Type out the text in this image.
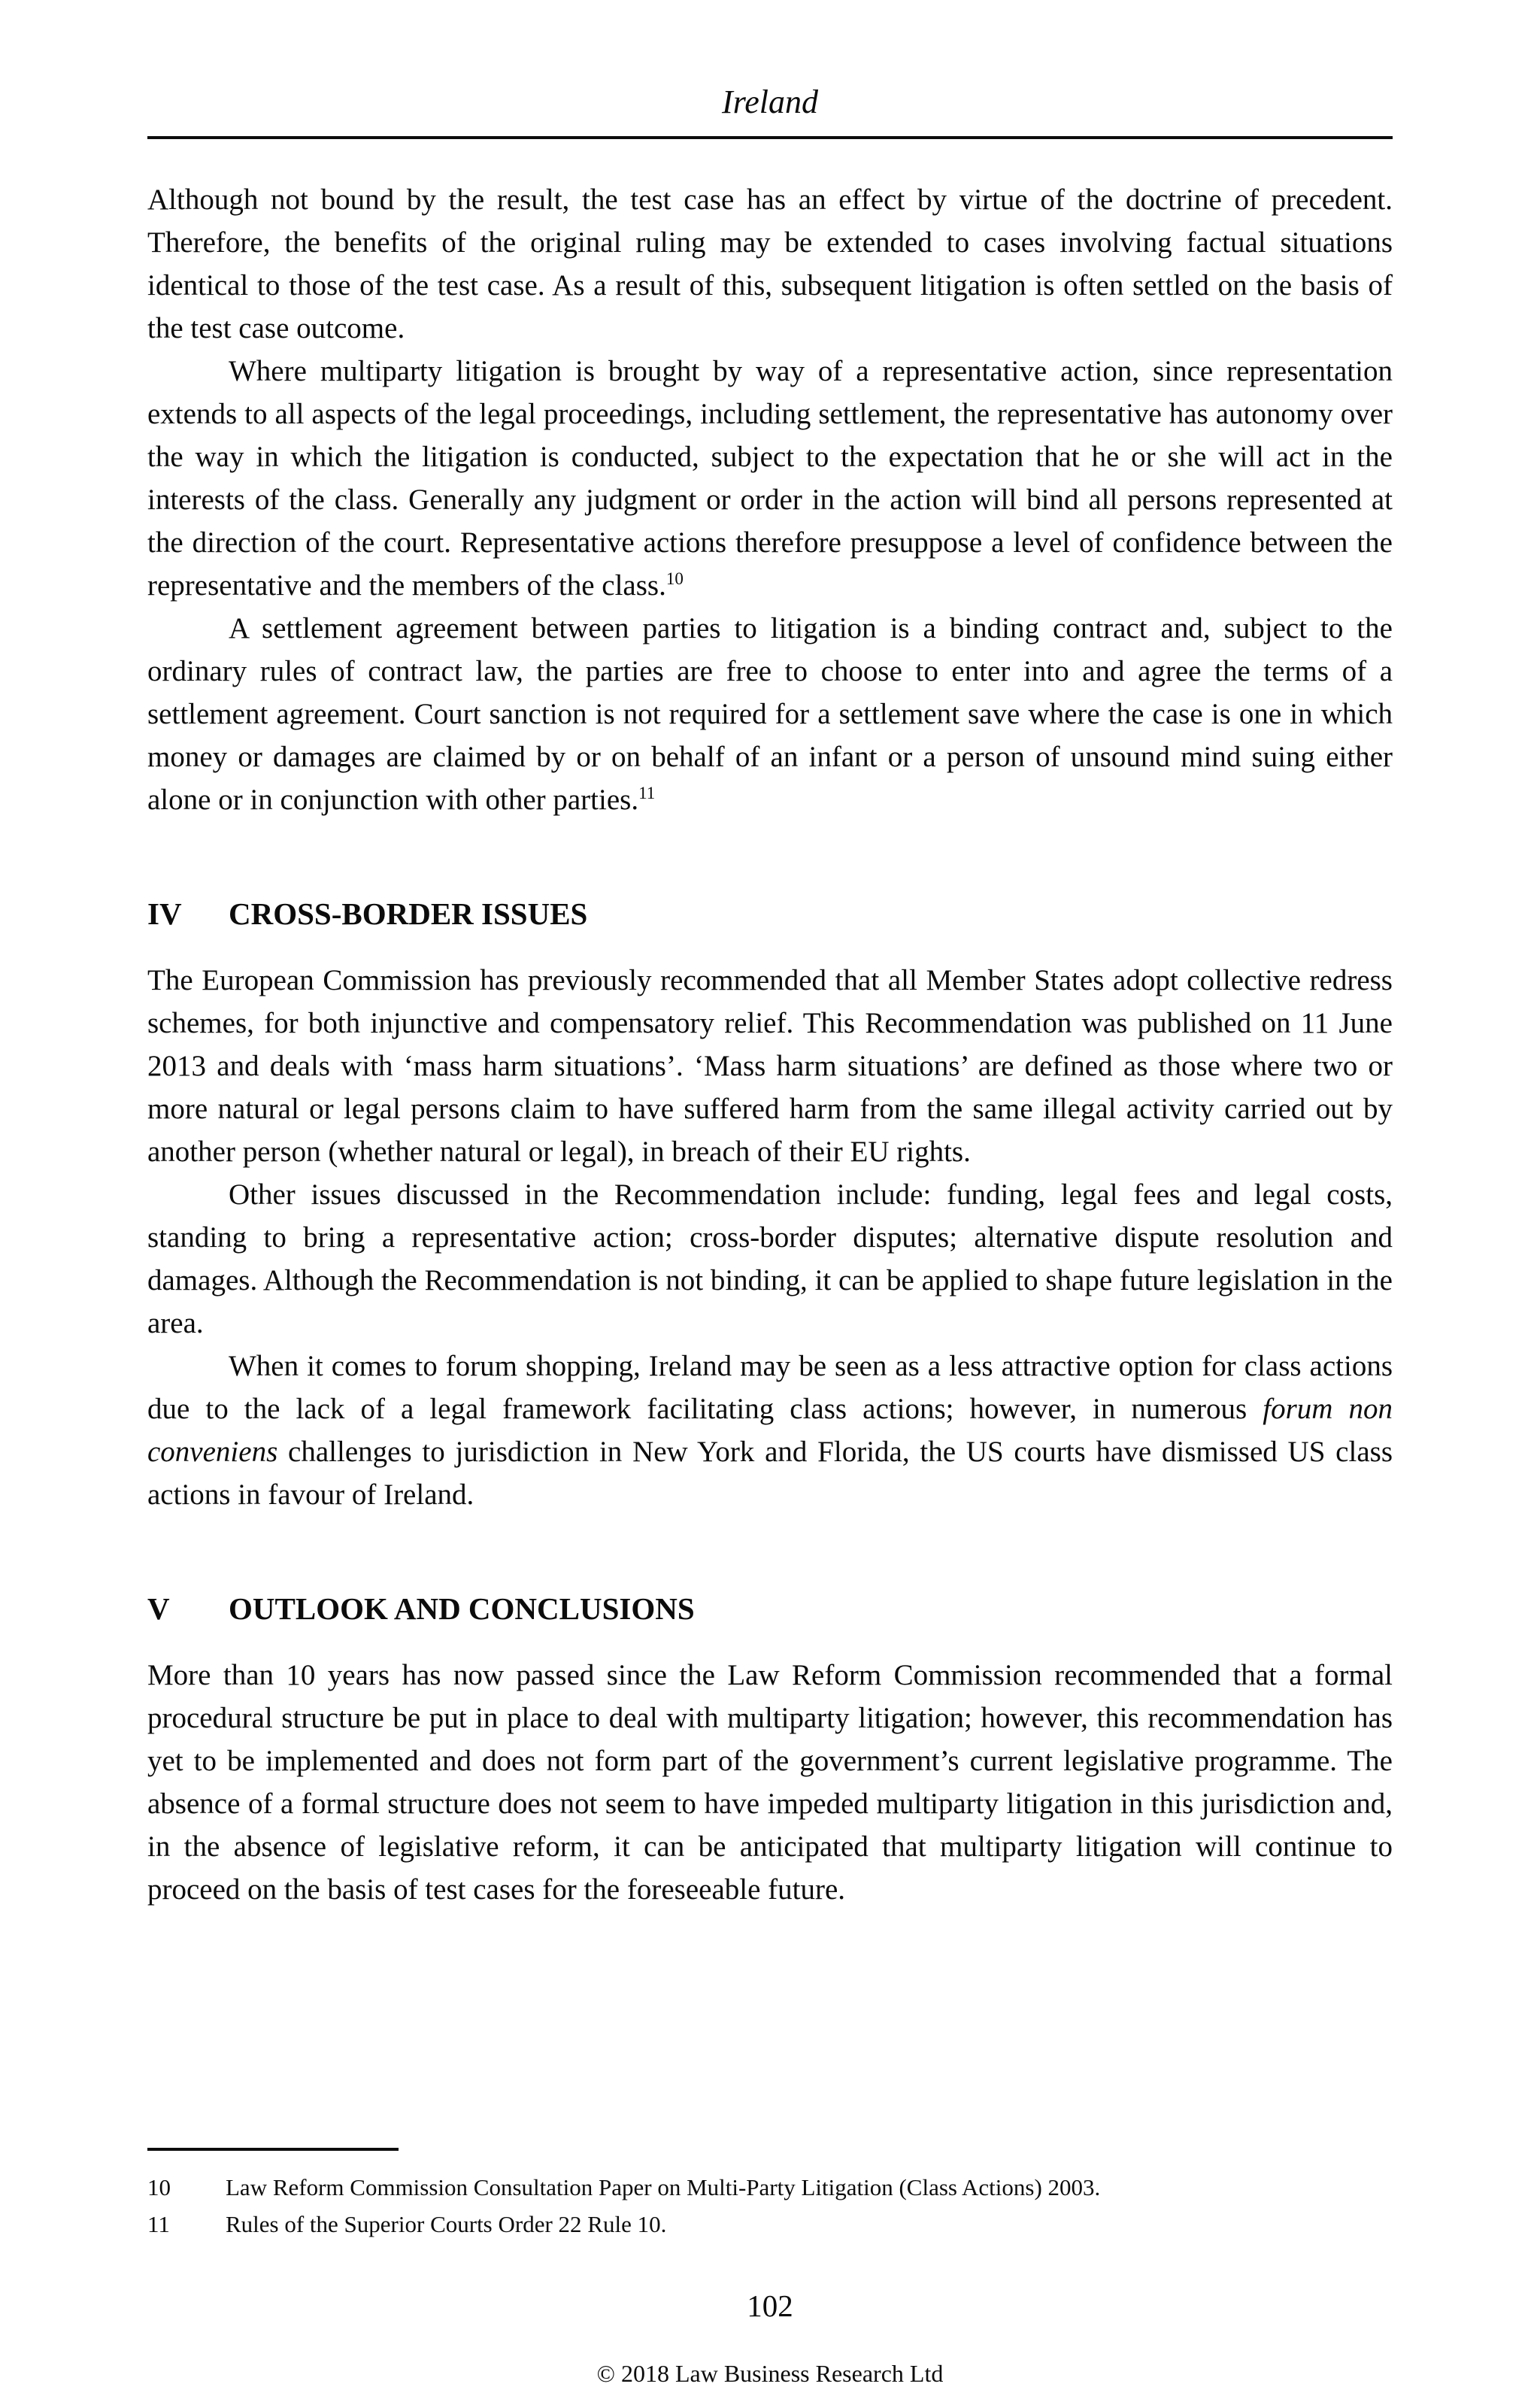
Ireland

Although not bound by the result, the test case has an effect by virtue of the doctrine of precedent. Therefore, the benefits of the original ruling may be extended to cases involving factual situations identical to those of the test case. As a result of this, subsequent litigation is often settled on the basis of the test case outcome.

Where multiparty litigation is brought by way of a representative action, since representation extends to all aspects of the legal proceedings, including settlement, the representative has autonomy over the way in which the litigation is conducted, subject to the expectation that he or she will act in the interests of the class. Generally any judgment or order in the action will bind all persons represented at the direction of the court. Representative actions therefore presuppose a level of confidence between the representative and the members of the class.$^{10}$

A settlement agreement between parties to litigation is a binding contract and, subject to the ordinary rules of contract law, the parties are free to choose to enter into and agree the terms of a settlement agreement. Court sanction is not required for a settlement save where the case is one in which money or damages are claimed by or on behalf of an infant or a person of unsound mind suing either alone or in conjunction with other parties.$^{11}$

IV CROSS-BORDER ISSUES

The European Commission has previously recommended that all Member States adopt collective redress schemes, for both injunctive and compensatory relief. This Recommendation was published on 11 June 2013 and deals with ‘mass harm situations’. ‘Mass harm situations’ are defined as those where two or more natural or legal persons claim to have suffered harm from the same illegal activity carried out by another person (whether natural or legal), in breach of their EU rights.

Other issues discussed in the Recommendation include: funding, legal fees and legal costs, standing to bring a representative action; cross-border disputes; alternative dispute resolution and damages. Although the Recommendation is not binding, it can be applied to shape future legislation in the area.

When it comes to forum shopping, Ireland may be seen as a less attractive option for class actions due to the lack of a legal framework facilitating class actions; however, in numerous forum non conveniens challenges to jurisdiction in New York and Florida, the US courts have dismissed US class actions in favour of Ireland.

V OUTLOOK AND CONCLUSIONS

More than 10 years has now passed since the Law Reform Commission recommended that a formal procedural structure be put in place to deal with multiparty litigation; however, this recommendation has yet to be implemented and does not form part of the government’s current legislative programme. The absence of a formal structure does not seem to have impeded multiparty litigation in this jurisdiction and, in the absence of legislative reform, it can be anticipated that multiparty litigation will continue to proceed on the basis of test cases for the foreseeable future.

10	Law Reform Commission Consultation Paper on Multi-Party Litigation (Class Actions) 2003.
11	Rules of the Superior Courts Order 22 Rule 10.
102
© 2018 Law Business Research Ltd
